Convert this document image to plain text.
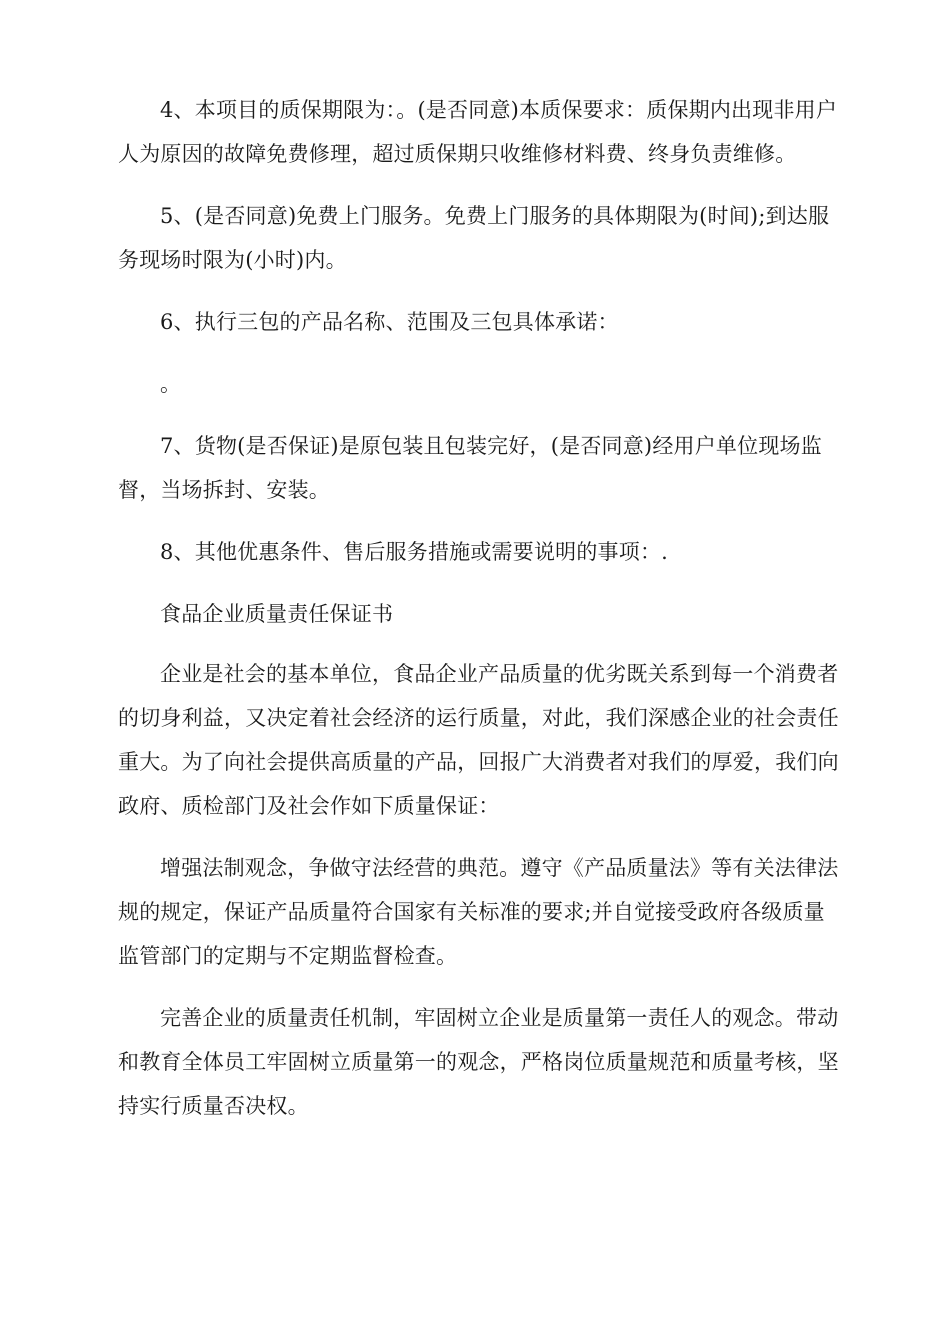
4、本项目的质保期限为：。(是否同意)本质保要求：质保期内出现非用户人为原因的故障免费修理，超过质保期只收维修材料费、终身负责维修。

5、(是否同意)免费上门服务。免费上门服务的具体期限为(时间);到达服务现场时限为(小时)内。

6、执行三包的产品名称、范围及三包具体承诺：

。

7、货物(是否保证)是原包装且包装完好，(是否同意)经用户单位现场监督，当场拆封、安装。

8、其他优惠条件、售后服务措施或需要说明的事项：.

食品企业质量责任保证书

企业是社会的基本单位，食品企业产品质量的优劣既关系到每一个消费者的切身利益，又决定着社会经济的运行质量，对此，我们深感企业的社会责任重大。为了向社会提供高质量的产品，回报广大消费者对我们的厚爱，我们向政府、质检部门及社会作如下质量保证：

增强法制观念，争做守法经营的典范。遵守《产品质量法》等有关法律法规的规定，保证产品质量符合国家有关标准的要求;并自觉接受政府各级质量监管部门的定期与不定期监督检查。

完善企业的质量责任机制，牢固树立企业是质量第一责任人的观念。带动和教育全体员工牢固树立质量第一的观念，严格岗位质量规范和质量考核，坚持实行质量否决权。
